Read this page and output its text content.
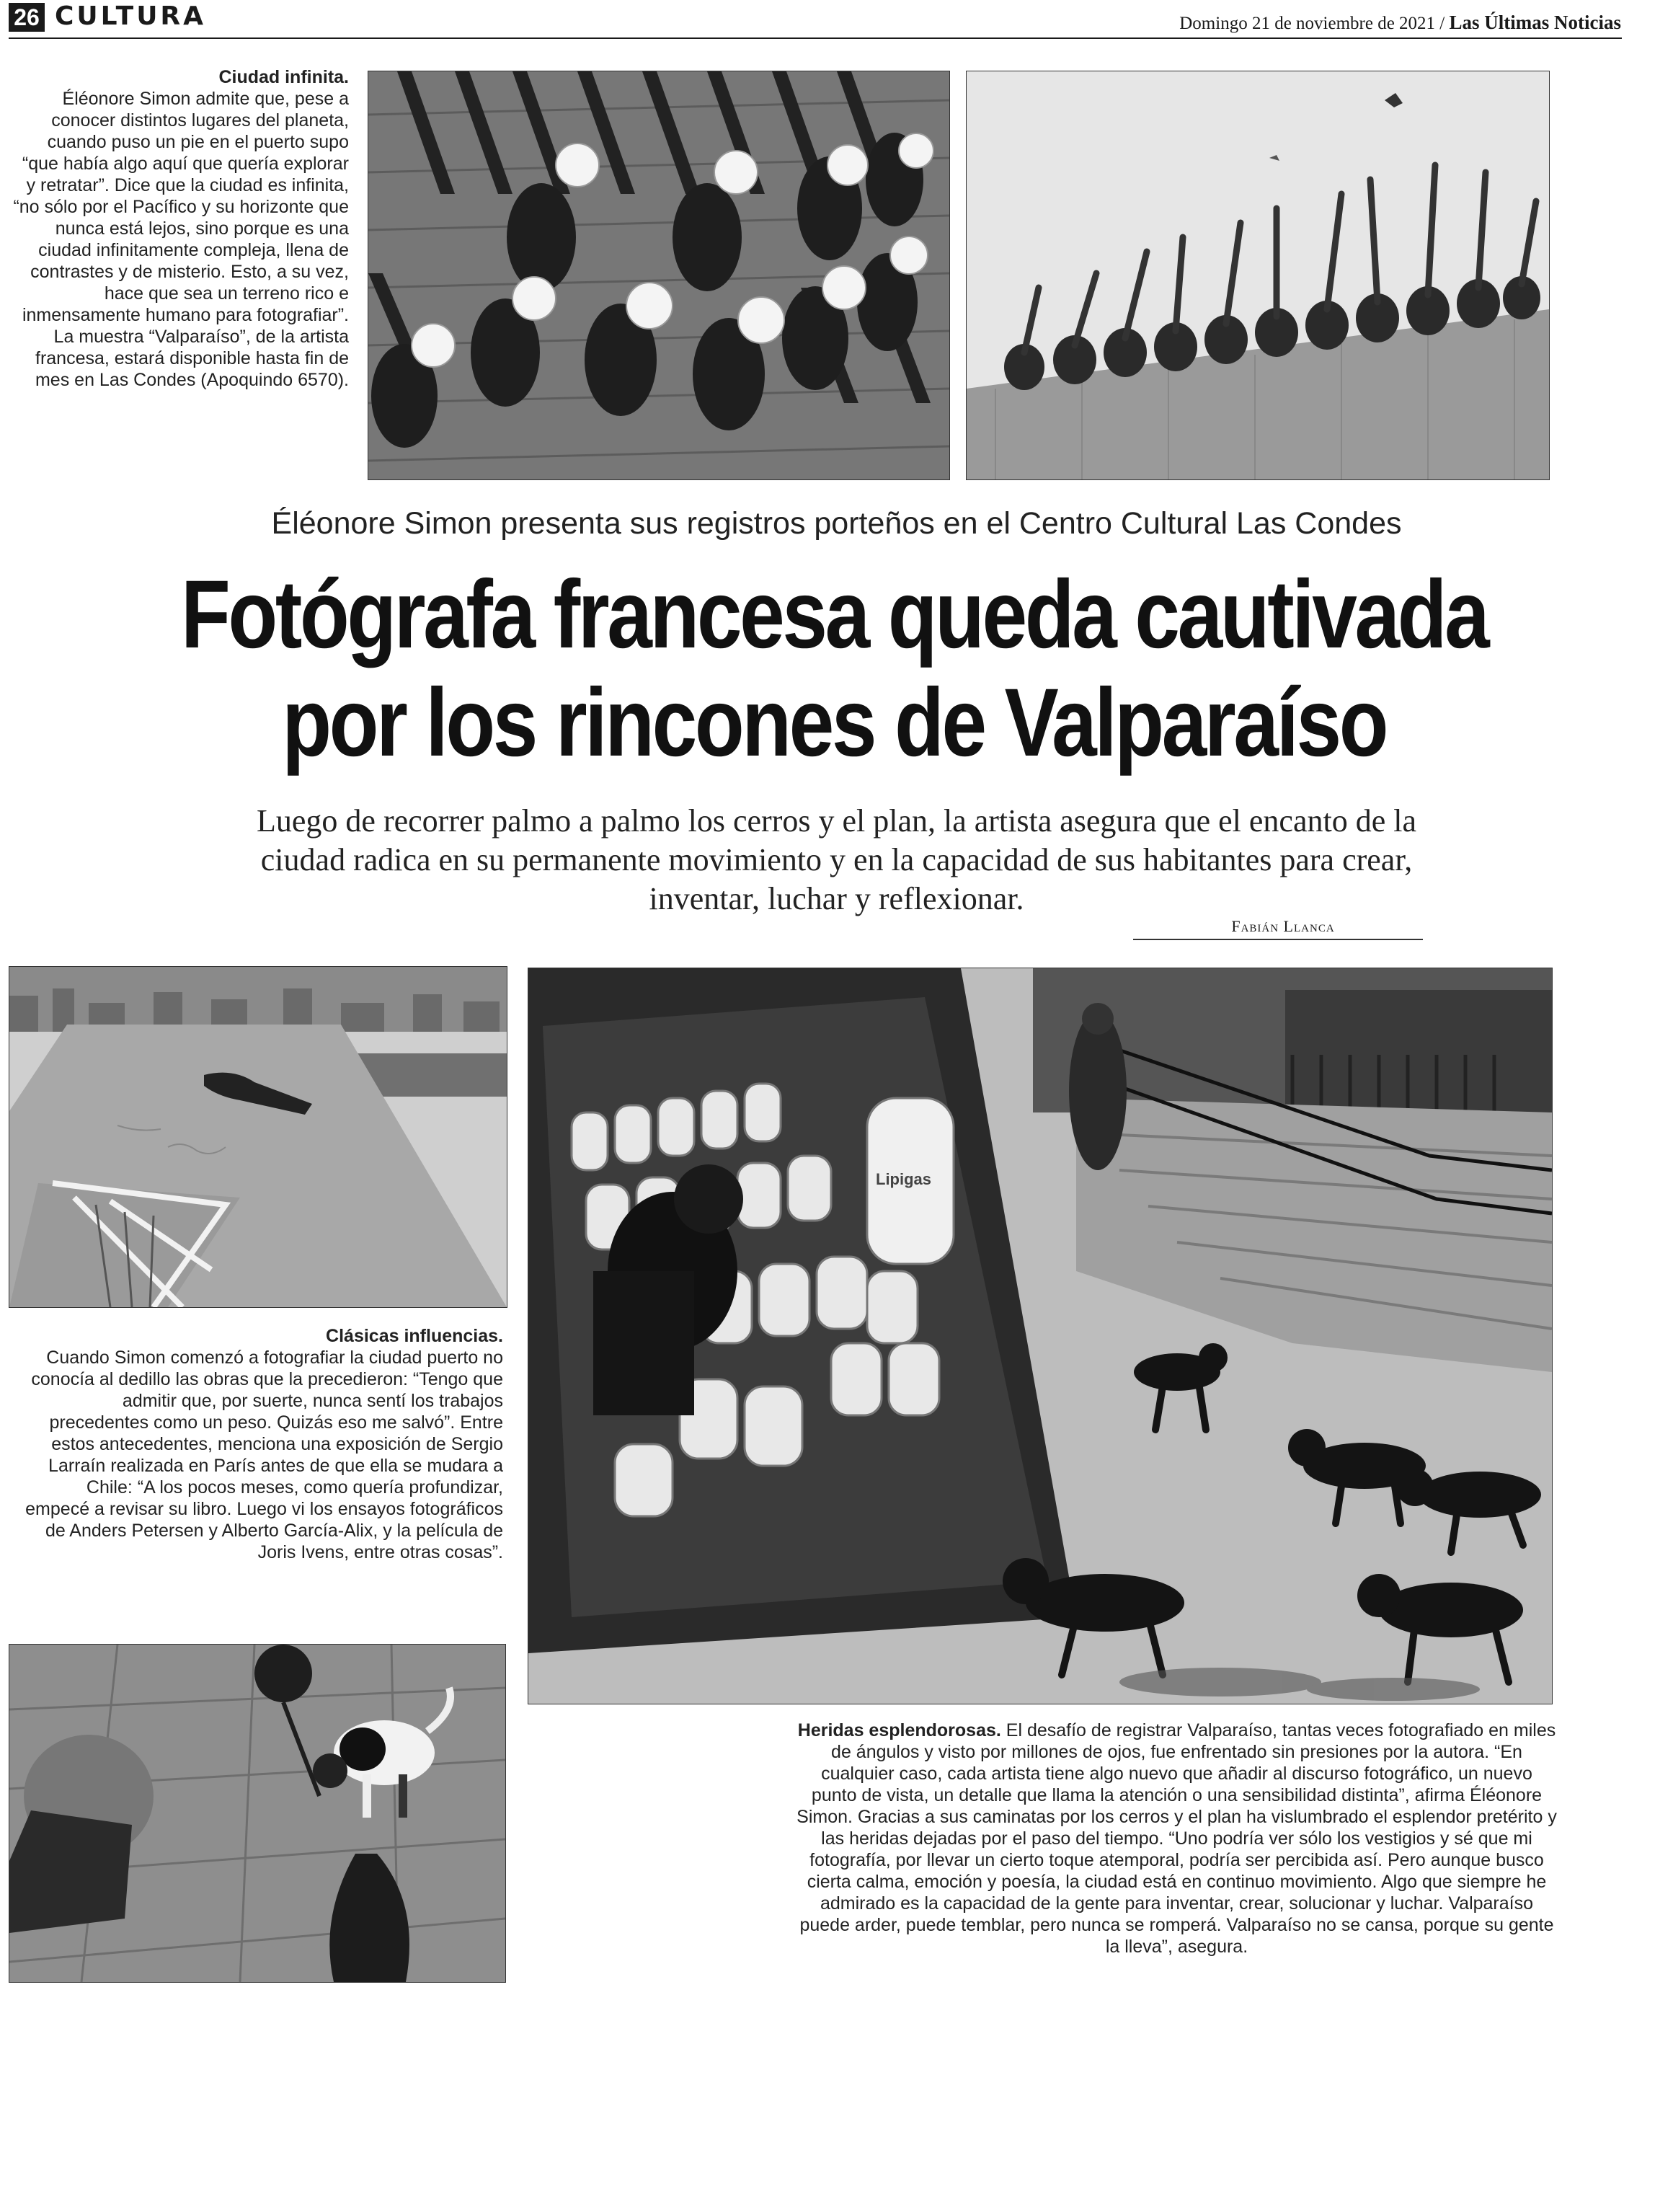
26 CULTURA	Domingo 21 de noviembre de 2021 / Las Últimas Noticias
Ciudad infinita.
Éléonore Simon admite que, pese a conocer distintos lugares del planeta, cuando puso un pie en el puerto supo “que había algo aquí que quería explorar y retratar”. Dice que la ciudad es infinita, “no sólo por el Pacífico y su horizonte que nunca está lejos, sino porque es una ciudad infinitamente compleja, llena de contrastes y de misterio. Esto, a su vez, hace que sea un terreno rico e inmensamente humano para fotografiar”. La muestra “Valparaíso”, de la artista francesa, estará disponible hasta fin de mes en Las Condes (Apoquindo 6570).
Éléonore Simon presenta sus registros porteños en el Centro Cultural Las Condes
Fotógrafa francesa queda cautivada
por los rincones de Valparaíso
Luego de recorrer palmo a palmo los cerros y el plan, la artista asegura que el encanto de la ciudad radica en su permanente movimiento y en la capacidad de sus habitantes para crear, inventar, luchar y reflexionar.
Fabián Llanca
Clásicas influencias.
Cuando Simon comenzó a fotografiar la ciudad puerto no conocía al dedillo las obras que la precedieron: “Tengo que admitir que, por suerte, nunca sentí los trabajos precedentes como un peso. Quizás eso me salvó”. Entre estos antecedentes, menciona una exposición de Sergio Larraín realizada en París antes de que ella se mudara a Chile: “A los pocos meses, como quería profundizar, empecé a revisar su libro. Luego vi los ensayos fotográficos de Anders Petersen y Alberto García-Alix, y la película de Joris Ivens, entre otras cosas”.
Lipigas
Heridas esplendorosas. El desafío de registrar Valparaíso, tantas veces fotografiado en miles de ángulos y visto por millones de ojos, fue enfrentado sin presiones por la autora. “En cualquier caso, cada artista tiene algo nuevo que añadir al discurso fotográfico, un nuevo punto de vista, un detalle que llama la atención o una sensibilidad distinta”, afirma Éléonore Simon. Gracias a sus caminatas por los cerros y el plan ha vislumbrado el esplendor pretérito y las heridas dejadas por el paso del tiempo. “Uno podría ver sólo los vestigios y sé que mi fotografía, por llevar un cierto toque atemporal, podría ser percibida así. Pero aunque busco cierta calma, emoción y poesía, la ciudad está en continuo movimiento. Algo que siempre he admirado es la capacidad de la gente para inventar, crear, solucionar y luchar. Valparaíso puede arder, puede temblar, pero nunca se romperá. Valparaíso no se cansa, porque su gente la lleva”, asegura.
